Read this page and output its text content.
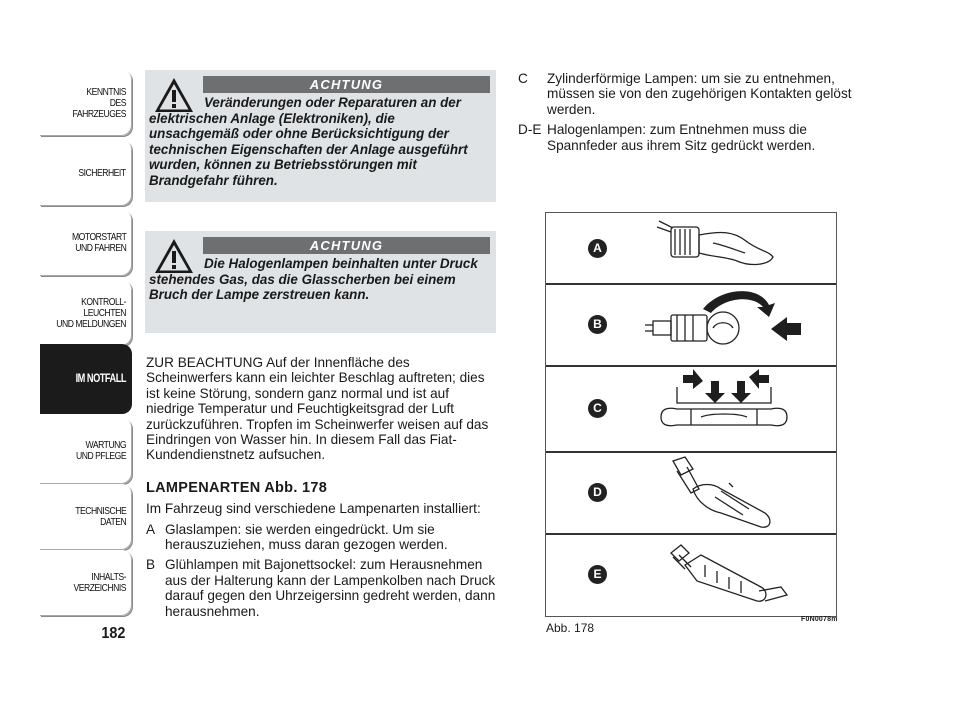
KENNTNIS
DES FAHRZEUGES
SICHERHEIT
MOTORSTART
UND FAHREN
KONTROLL-
LEUCHTEN
UND MELDUNGEN
IM NOTFALL
WARTUNG
UND PFLEGE
TECHNISCHE
DATEN
INHALTS-
VERZEICHNIS
182
ACHTUNG
Veränderungen oder Reparaturen an der elektrischen Anlage (Elektroniken), die unsachgemäß oder ohne Berücksichtigung der technischen Eigenschaften der Anlage ausgeführt wurden, können zu Betriebsstörungen mit Brandgefahr führen.
ACHTUNG
Die Halogenlampen beinhalten unter Druck stehendes Gas, das die Glasscherben bei einem Bruch der Lampe zerstreuen kann.

ZUR BEACHTUNG Auf der Innenfläche des Scheinwerfers kann ein leichter Beschlag auftreten; dies ist keine Störung, sondern ganz normal und ist auf niedrige Temperatur und Feuchtigkeitsgrad der Luft zurückzuführen. Tropfen im Scheinwerfer weisen auf das Eindringen von Wasser hin. In diesem Fall das Fiat-Kundendienstnetz aufsuchen.

LAMPENARTEN Abb. 178
Im Fahrzeug sind verschiedene Lampenarten installiert:
A Glaslampen: sie werden eingedrückt. Um sie herauszuziehen, muss daran gezogen werden.
B Glühlampen mit Bajonettsockel: zum Herausnehmen aus der Halterung kann der Lampenkolben nach Druck darauf gegen den Uhrzeigersinn gedreht werden, dann herausnehmen.
C	Zylinderförmige Lampen: um sie zu entnehmen, müssen sie von den zugehörigen Kontakten gelöst werden.
D-E Halogenlampen: zum Entnehmen muss die Spannfeder aus ihrem Sitz gedrückt werden.
A
B
C
D
E
Abb. 178
F0N0078m
